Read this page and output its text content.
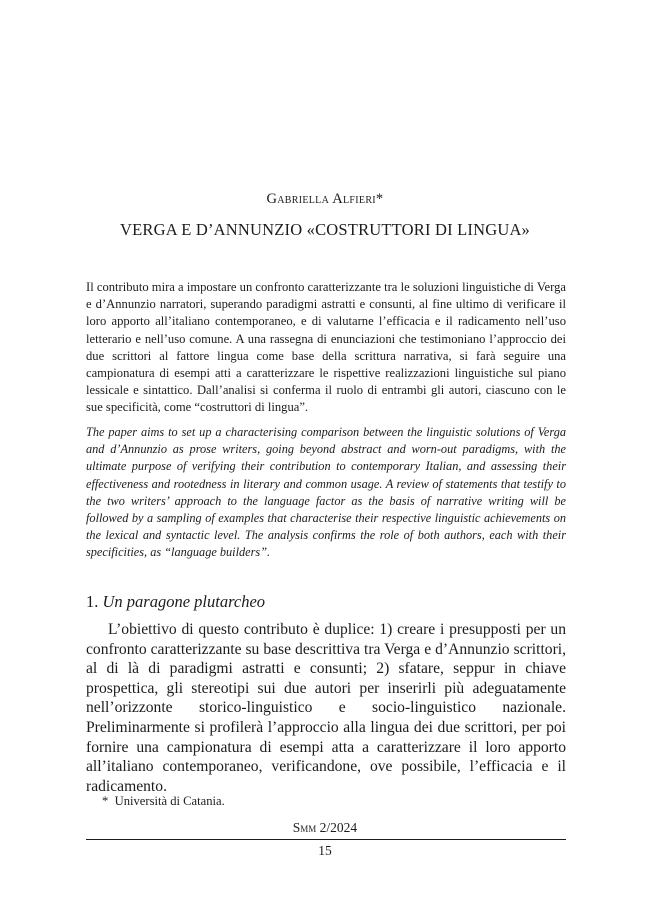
Gabriella Alfieri*
VERGA E D’ANNUNZIO «COSTRUTTORI DI LINGUA»

Il contributo mira a impostare un confronto caratterizzante tra le soluzioni linguistiche di Verga e d’Annunzio narratori, superando paradigmi astratti e consunti, al fine ultimo di verificare il loro apporto all’italiano contemporaneo, e di valutarne l’efficacia e il radicamento nell’uso letterario e nell’uso comune. A una rassegna di enunciazioni che testimoniano l’approccio dei due scrittori al fattore lingua come base della scrittura narrativa, si farà seguire una campionatura di esempi atti a caratterizzare le rispettive realizzazioni linguistiche sul piano lessicale e sintattico. Dall’analisi si conferma il ruolo di entrambi gli autori, ciascuno con le sue specificità, come “costruttori di lingua”.

The paper aims to set up a characterising comparison between the linguistic solutions of Verga and d’Annunzio as prose writers, going beyond abstract and worn-out paradigms, with the ultimate purpose of verifying their contribution to contemporary Italian, and assessing their effectiveness and rootedness in literary and common usage. A review of statements that testify to the two writers’ approach to the language factor as the basis of narrative writing will be followed by a sampling of examples that characterise their respective linguistic achievements on the lexical and syntactic level. The analysis confirms the role of both authors, each with their specificities, as “language builders”.

1. Un paragone plutarcheo

L’obiettivo di questo contributo è duplice: 1) creare i presupposti per un confronto caratterizzante su base descrittiva tra Verga e d’Annunzio scrittori, al di là di paradigmi astratti e consunti; 2) sfatare, seppur in chiave prospettica, gli stereotipi sui due autori per inserirli più adeguatamente nell’orizzonte storico-linguistico e socio-linguistico nazionale. Preliminarmente si profilerà l’approccio alla lingua dei due scrittori, per poi fornire una campionatura di esempi atta a caratterizzare il loro apporto all’italiano contemporaneo, verificandone, ove possibile, l’efficacia e il radicamento.

* Università di Catania.

Smm 2/2024
15
